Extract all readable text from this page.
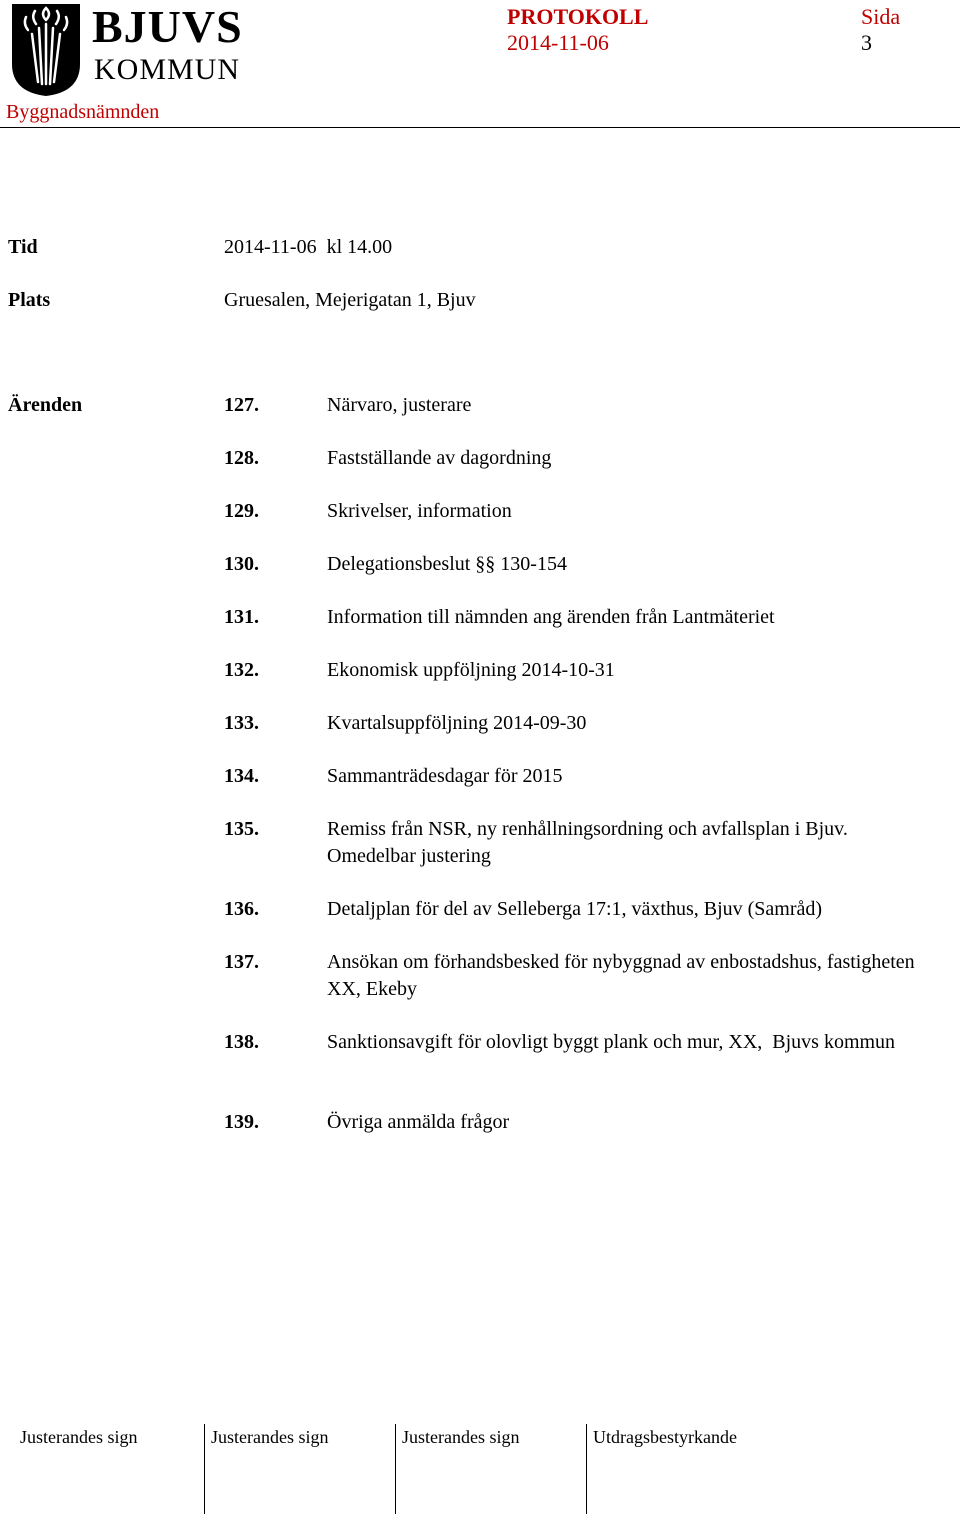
BJUVS
KOMMUN
PROTOKOLL
2014-11-06
Sida
3
Byggnadsnämnden
Tid	2014-11-06  kl 14.00
Plats	Gruesalen, Mejerigatan 1, Bjuv
Ärenden	127.	Närvaro, justerare
128.	Fastställande av dagordning
129.	Skrivelser, information
130.	Delegationsbeslut §§ 130-154
131.	Information till nämnden ang ärenden från Lantmäteriet
132.	Ekonomisk uppföljning 2014-10-31
133.	Kvartalsuppföljning 2014-09-30
134.	Sammanträdesdagar för 2015
135.	Remiss från NSR, ny renhållningsordning och avfallsplan i Bjuv. Omedelbar justering
136.	Detaljplan för del av Selleberga 17:1, växthus, Bjuv (Samråd)
137.	Ansökan om förhandsbesked för nybyggnad av enbostadshus, fastigheten XX, Ekeby
138.	Sanktionsavgift för olovligt byggt plank och mur, XX,  Bjuvs kommun
139.	Övriga anmälda frågor
Justerandes sign	Justerandes sign	Justerandes sign	Utdragsbestyrkande
